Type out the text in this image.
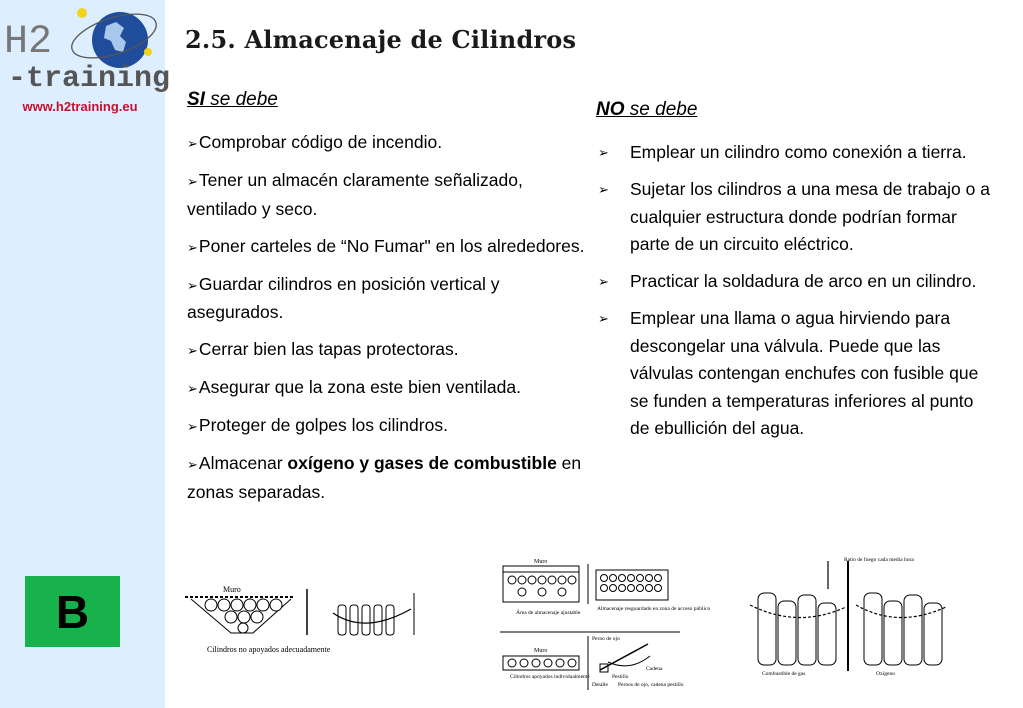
H2
-training
www.h2training.eu
B
2.5. Almacenaje de Cilindros

SI se debe

➢Comprobar código de incendio.
➢Tener un almacén claramente señalizado, ventilado y seco.
➢Poner carteles de “No Fumar" en los alrededores.
➢Guardar cilindros en posición vertical y asegurados.
➢Cerrar bien las tapas protectoras.
➢Asegurar que la zona este bien ventilada.
➢Proteger de golpes los cilindros.
➢Almacenar oxígeno y gases de combustible en zonas separadas.

NO se debe

➢ Emplear un cilindro como conexión a tierra.
➢ Sujetar los cilindros a una mesa de trabajo o a cualquier estructura donde podrían formar parte de un circuito eléctrico.
➢ Practicar la soldadura de arco en un cilindro.
➢ Emplear una llama o agua hirviendo para descongelar una válvula. Puede que las válvulas contengan enchufes con fusible que se funden a temperaturas inferiores al punto de ebullición del agua.
Muro
Cilindros no apoyados adecuadamente
Muro
Área de almacenaje ajustable
Almacenaje resguardado en zona de acceso público
Muro
Cilindros apoyados individualmente
Perno de ojo
Cadena
Pestillo
Detalle Pernos de ojo, cadena pestillo
Ratio de fuego cada media hora
Combustible de gas	Oxígeno
